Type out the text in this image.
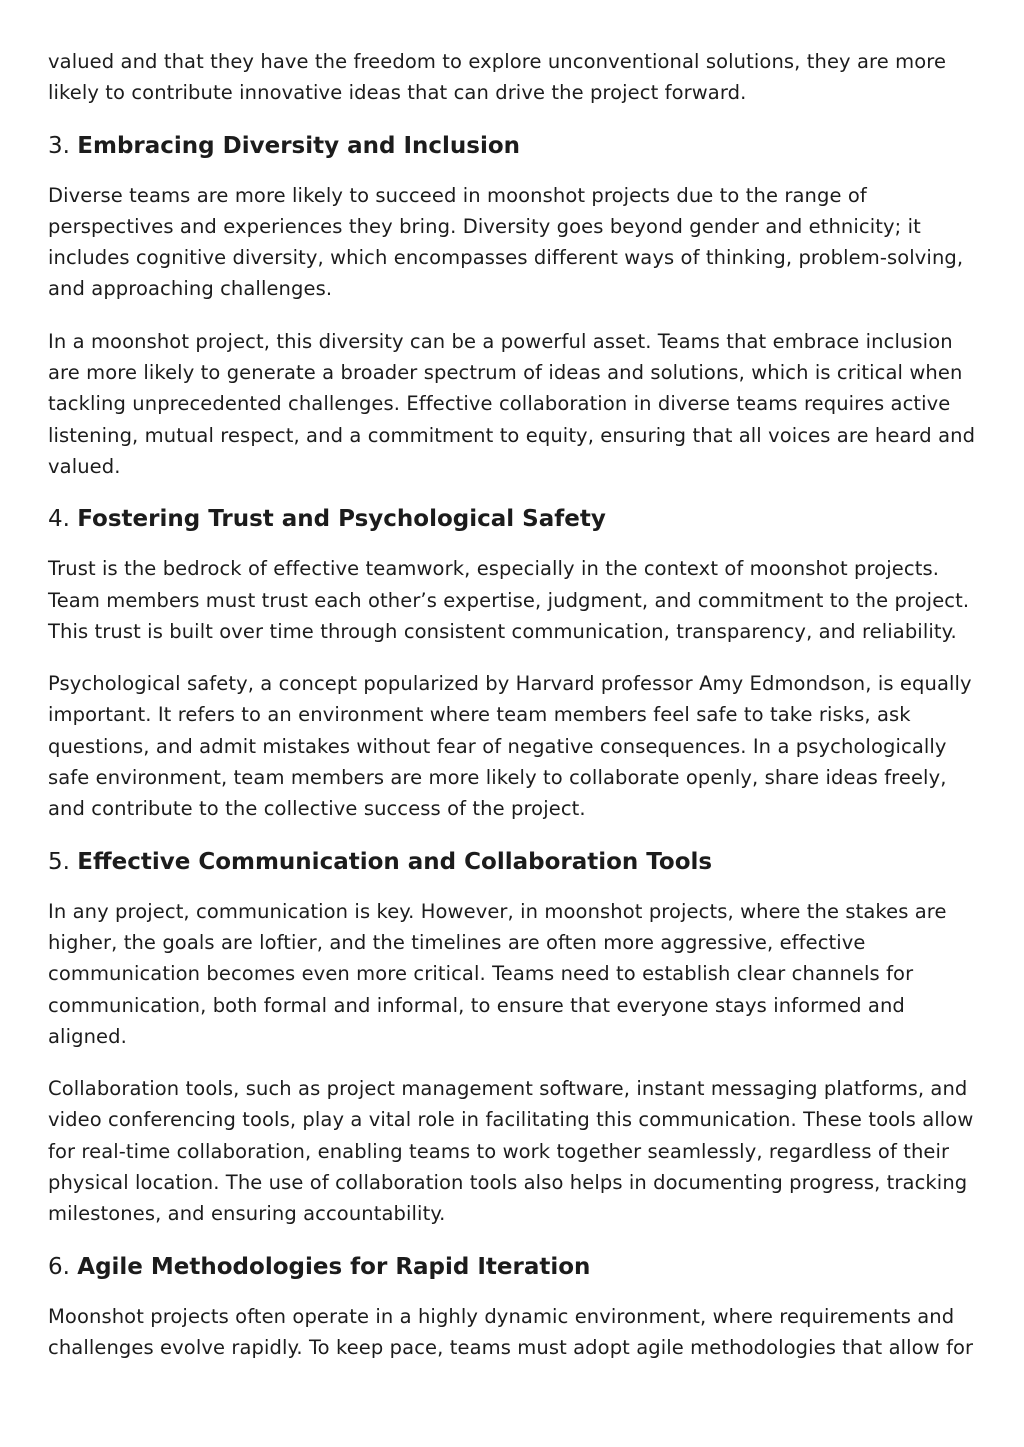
valued and that they have the freedom to explore unconventional solutions, they are more likely to contribute innovative ideas that can drive the project forward.

3. Embracing Diversity and Inclusion

Diverse teams are more likely to succeed in moonshot projects due to the range of perspectives and experiences they bring. Diversity goes beyond gender and ethnicity; it includes cognitive diversity, which encompasses different ways of thinking, problem-solving, and approaching challenges.

In a moonshot project, this diversity can be a powerful asset. Teams that embrace inclusion are more likely to generate a broader spectrum of ideas and solutions, which is critical when tackling unprecedented challenges. Effective collaboration in diverse teams requires active listening, mutual respect, and a commitment to equity, ensuring that all voices are heard and valued.

4. Fostering Trust and Psychological Safety

Trust is the bedrock of effective teamwork, especially in the context of moonshot projects. Team members must trust each other’s expertise, judgment, and commitment to the project. This trust is built over time through consistent communication, transparency, and reliability.

Psychological safety, a concept popularized by Harvard professor Amy Edmondson, is equally important. It refers to an environment where team members feel safe to take risks, ask questions, and admit mistakes without fear of negative consequences. In a psychologically safe environment, team members are more likely to collaborate openly, share ideas freely, and contribute to the collective success of the project.

5. Effective Communication and Collaboration Tools

In any project, communication is key. However, in moonshot projects, where the stakes are higher, the goals are loftier, and the timelines are often more aggressive, effective communication becomes even more critical. Teams need to establish clear channels for communication, both formal and informal, to ensure that everyone stays informed and aligned.

Collaboration tools, such as project management software, instant messaging platforms, and video conferencing tools, play a vital role in facilitating this communication. These tools allow for real-time collaboration, enabling teams to work together seamlessly, regardless of their physical location. The use of collaboration tools also helps in documenting progress, tracking milestones, and ensuring accountability.

6. Agile Methodologies for Rapid Iteration

Moonshot projects often operate in a highly dynamic environment, where requirements and challenges evolve rapidly. To keep pace, teams must adopt agile methodologies that allow for
